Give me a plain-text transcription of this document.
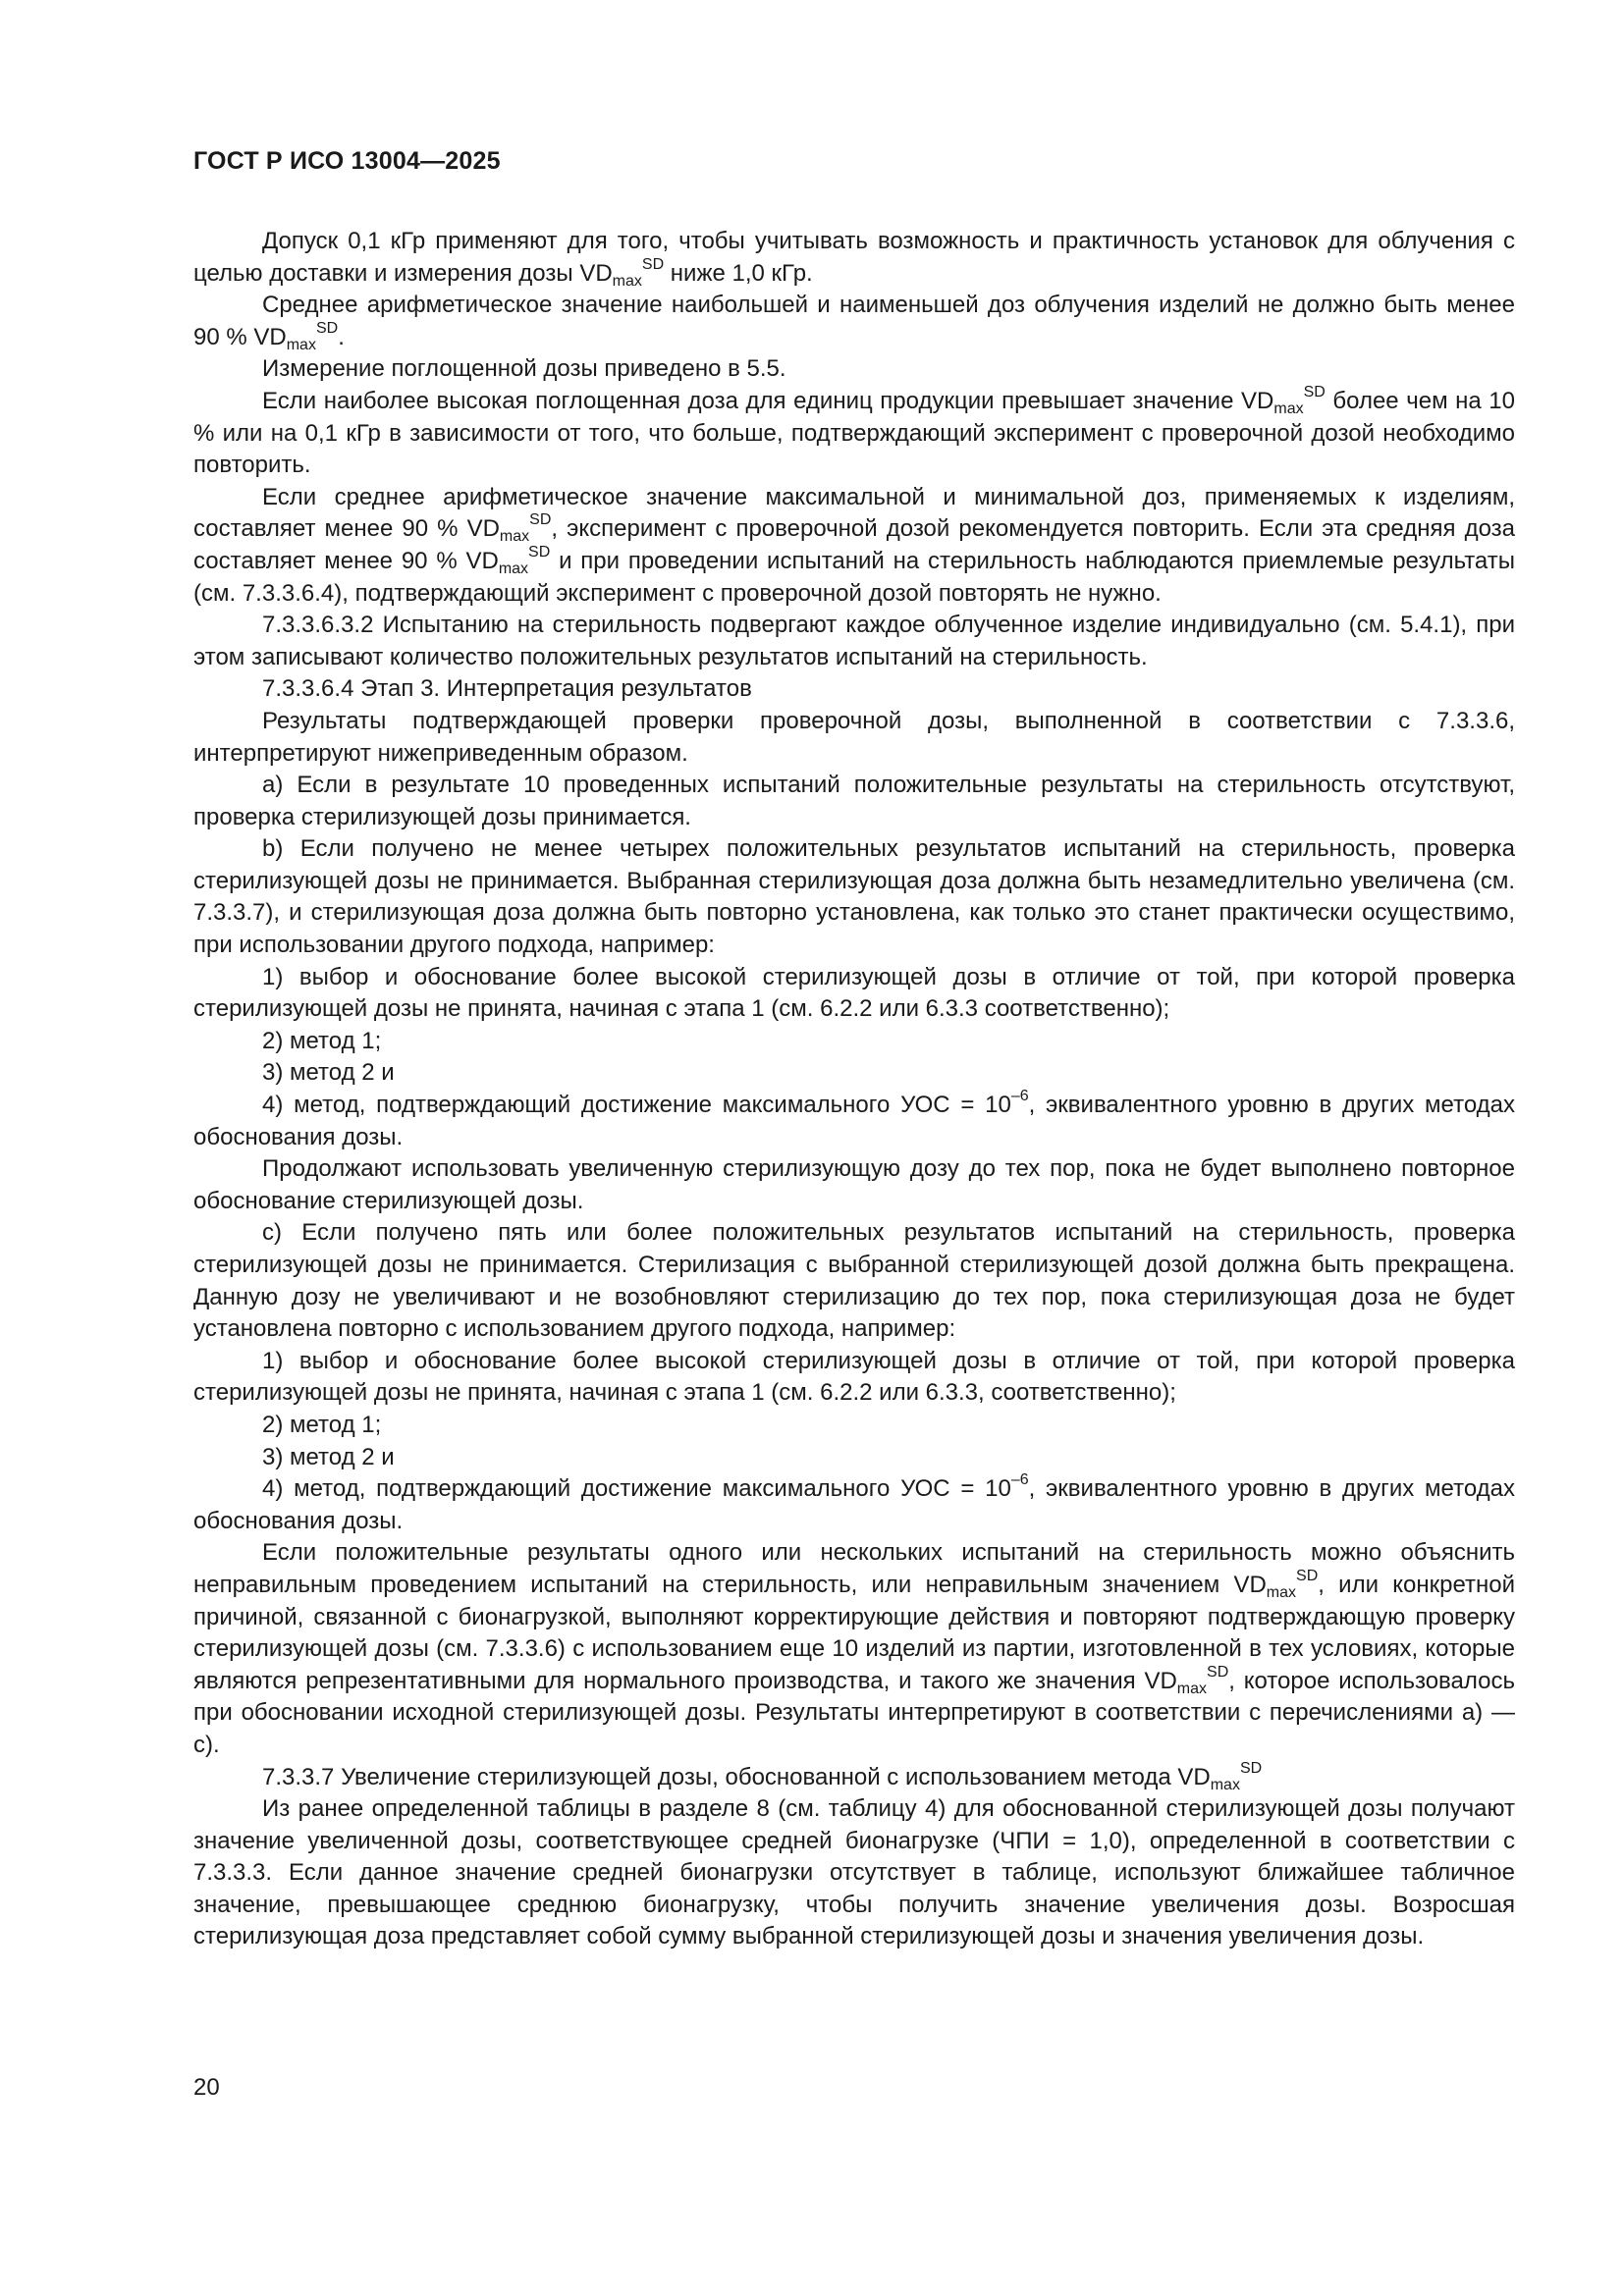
ГОСТ Р ИСО 13004—2025

Допуск 0,1 кГр применяют для того, чтобы учитывать возможность и практичность установок для облучения с целью доставки и измерения дозы $VD_{max}^{SD}$ ниже 1,0 кГр.

Среднее арифметическое значение наибольшей и наименьшей доз облучения изделий не должно быть менее 90 % $VD_{max}^{SD}$.

Измерение поглощенной дозы приведено в 5.5.

Если наиболее высокая поглощенная доза для единиц продукции превышает значение $VD_{max}^{SD}$ более чем на 10 % или на 0,1 кГр в зависимости от того, что больше, подтверждающий эксперимент с проверочной дозой необходимо повторить.

Если среднее арифметическое значение максимальной и минимальной доз, применяемых к изделиям, составляет менее 90 % $VD_{max}^{SD}$, эксперимент с проверочной дозой рекомендуется повторить. Если эта средняя доза составляет менее 90 % $VD_{max}^{SD}$ и при проведении испытаний на стерильность наблюдаются приемлемые результаты (см. 7.3.3.6.4), подтверждающий эксперимент с проверочной дозой повторять не нужно.

7.3.3.6.3.2 Испытанию на стерильность подвергают каждое облученное изделие индивидуально (см. 5.4.1), при этом записывают количество положительных результатов испытаний на стерильность.

7.3.3.6.4 Этап 3. Интерпретация результатов

Результаты подтверждающей проверки проверочной дозы, выполненной в соответствии с 7.3.3.6, интерпретируют нижеприведенным образом.

a) Если в результате 10 проведенных испытаний положительные результаты на стерильность отсутствуют, проверка стерилизующей дозы принимается.

b) Если получено не менее четырех положительных результатов испытаний на стерильность, проверка стерилизующей дозы не принимается. Выбранная стерилизующая доза должна быть незамедлительно увеличена (см. 7.3.3.7), и стерилизующая доза должна быть повторно установлена, как только это станет практически осуществимо, при использовании другого подхода, например:

1) выбор и обоснование более высокой стерилизующей дозы в отличие от той, при которой проверка стерилизующей дозы не принята, начиная с этапа 1 (см. 6.2.2 или 6.3.3 соответственно);

2) метод 1;

3) метод 2 и

4) метод, подтверждающий достижение максимального УОС = $10^{-6}$, эквивалентного уровню в других методах обоснования дозы.

Продолжают использовать увеличенную стерилизующую дозу до тех пор, пока не будет выполнено повторное обоснование стерилизующей дозы.

c) Если получено пять или более положительных результатов испытаний на стерильность, проверка стерилизующей дозы не принимается. Стерилизация с выбранной стерилизующей дозой должна быть прекращена. Данную дозу не увеличивают и не возобновляют стерилизацию до тех пор, пока стерилизующая доза не будет установлена повторно с использованием другого подхода, например:

1) выбор и обоснование более высокой стерилизующей дозы в отличие от той, при которой проверка стерилизующей дозы не принята, начиная с этапа 1 (см. 6.2.2 или 6.3.3, соответственно);

2) метод 1;

3) метод 2 и

4) метод, подтверждающий достижение максимального УОС = $10^{-6}$, эквивалентного уровню в других методах обоснования дозы.

Если положительные результаты одного или нескольких испытаний на стерильность можно объяснить неправильным проведением испытаний на стерильность, или неправильным значением $VD_{max}^{SD}$, или конкретной причиной, связанной с бионагрузкой, выполняют корректирующие действия и повторяют подтверждающую проверку стерилизующей дозы (см. 7.3.3.6) с использованием еще 10 изделий из партии, изготовленной в тех условиях, которые являются репрезентативными для нормального производства, и такого же значения $VD_{max}^{SD}$, которое использовалось при обосновании исходной стерилизующей дозы. Результаты интерпретируют в соответствии с перечислениями a) — c).

7.3.3.7 Увеличение стерилизующей дозы, обоснованной с использованием метода $VD_{max}^{SD}$

Из ранее определенной таблицы в разделе 8 (см. таблицу 4) для обоснованной стерилизующей дозы получают значение увеличенной дозы, соответствующее средней бионагрузке (ЧПИ = 1,0), определенной в соответствии с 7.3.3.3. Если данное значение средней бионагрузки отсутствует в таблице, используют ближайшее табличное значение, превышающее среднюю бионагрузку, чтобы получить значение увеличения дозы. Возросшая стерилизующая доза представляет собой сумму выбранной стерилизующей дозы и значения увеличения дозы.

20
